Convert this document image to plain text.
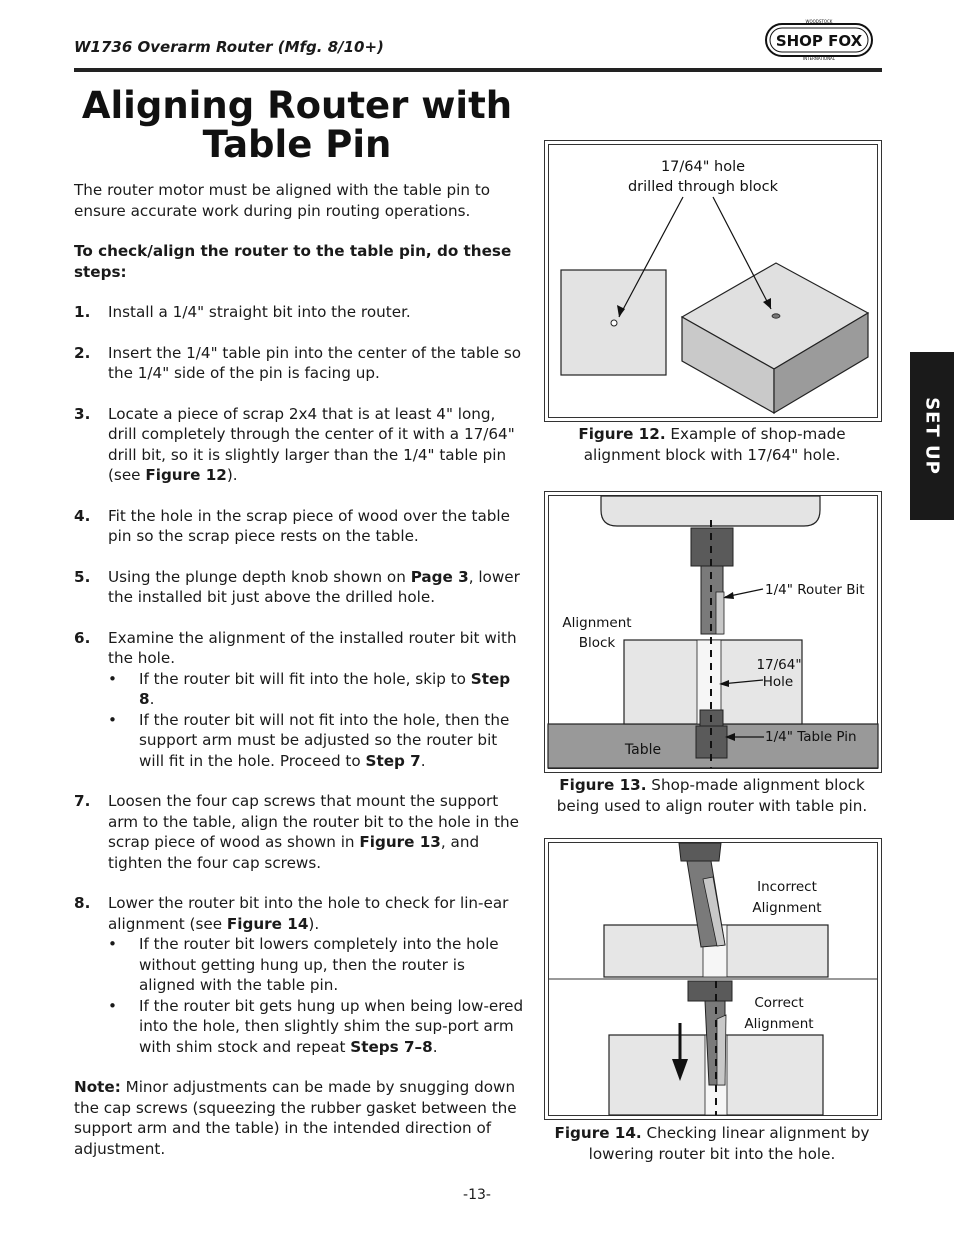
W1736 Overarm Router (Mfg. 8/10+)	SHOP FOX
WOODSTOCK
INTERNATIONAL
SET UP
Aligning Router with Table Pin

The router motor must be aligned with the table pin to ensure accurate work during pin routing operations.

To check/align the router to the table pin, do these steps:

1.	Install a 1/4" straight bit into the router.
2.	Insert the 1/4" table pin into the center of the table so the 1/4" side of the pin is facing up.
3.	Locate a piece of scrap 2x4 that is at least 4" long, drill completely through the center of it with a 17/64" drill bit, so it is slightly larger than the 1/4" table pin (see Figure 12).
4.	Fit the hole in the scrap piece of wood over the table pin so the scrap piece rests on the table.
5.	Using the plunge depth knob shown on Page 3, lower the installed bit just above the drilled hole.
6.	Examine the alignment of the installed router bit with the hole.
•	If the router bit will fit into the hole, skip to Step 8.
•	If the router bit will not fit into the hole, then the support arm must be adjusted so the router bit will fit in the hole. Proceed to Step 7.
7.	Loosen the four cap screws that mount the support arm to the table, align the router bit to the hole in the scrap piece of wood as shown in Figure 13, and tighten the four cap screws.
8.	Lower the router bit into the hole to check for lin-ear alignment (see Figure 14).
•	If the router bit lowers completely into the hole without getting hung up, then the router is aligned with the table pin.
•	If the router bit gets hung up when being low-ered into the hole, then slightly shim the sup-port arm with shim stock and repeat Steps 7–8.

Note: Minor adjustments can be made by snugging down the cap screws (squeezing the rubber gasket between the support arm and the table) in the intended direction of adjustment.

17/64" hole
drilled through block
Figure 12. Example of shop-made alignment block with 17/64" hole.
1/4" Router Bit
Alignment
Block
17/64"
Hole
Table
1/4" Table Pin
Figure 13. Shop-made alignment block being used to align router with table pin.
Incorrect
Alignment
Correct
Alignment
Figure 14. Checking linear alignment by lowering router bit into the hole.
-13-
